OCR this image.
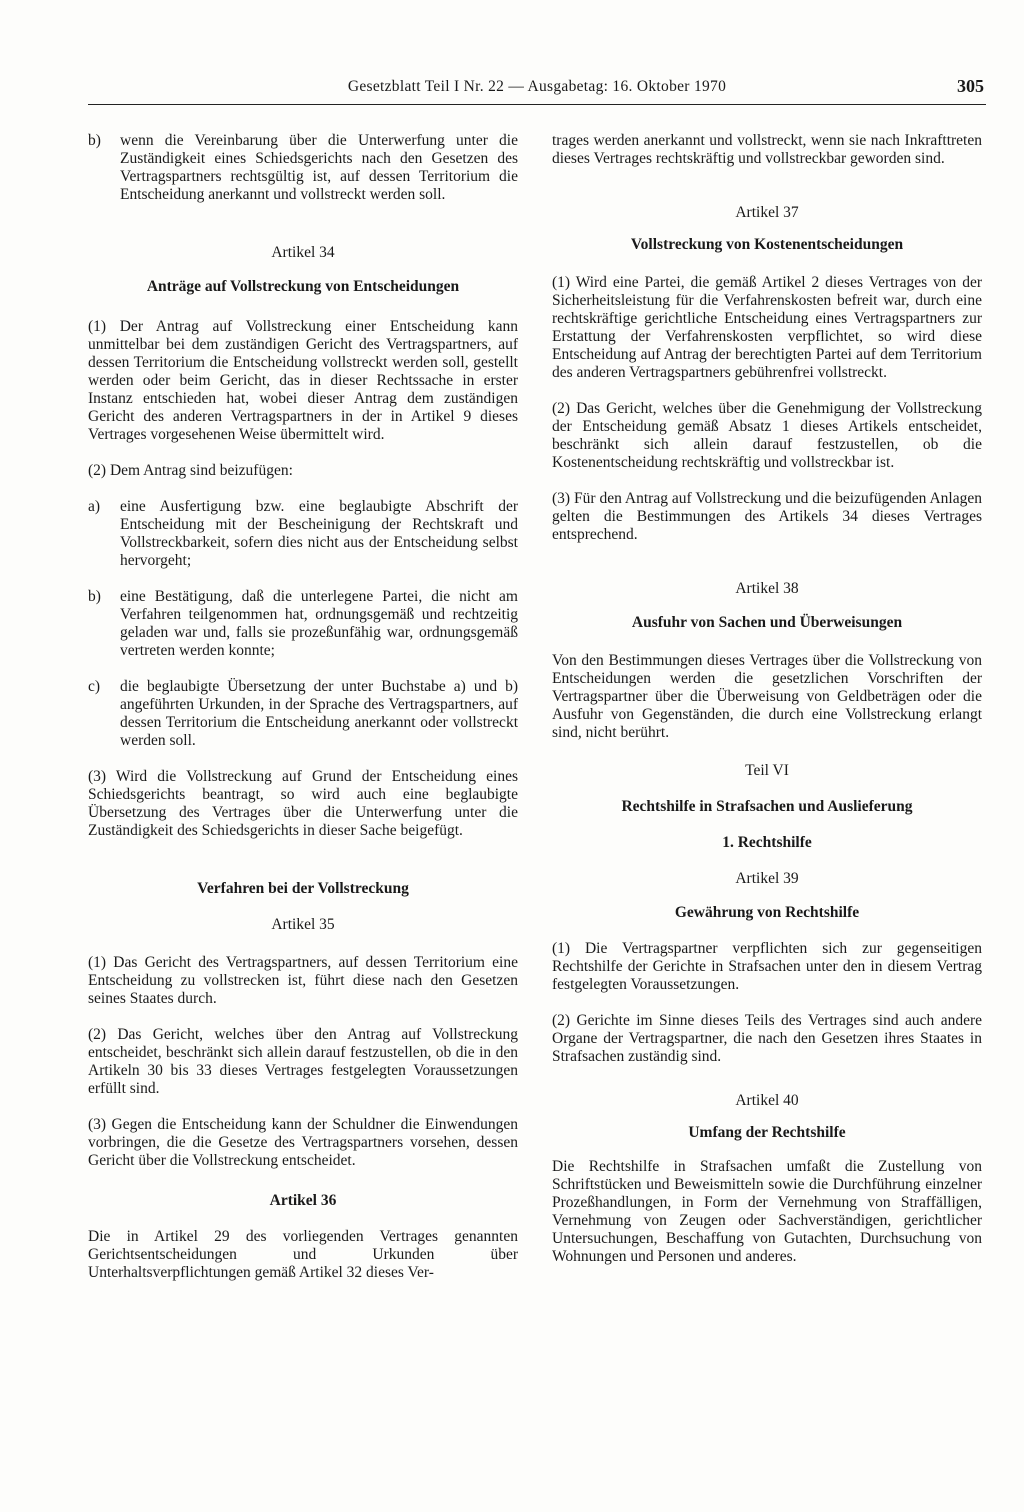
Gesetzblatt Teil I Nr. 22 — Ausgabetag: 16. Oktober 1970	305
b)	wenn die Vereinbarung über die Unterwerfung unter die Zuständigkeit eines Schiedsgerichts nach den Gesetzen des Vertragspartners rechtsgültig ist, auf dessen Territorium die Entscheidung anerkannt und vollstreckt werden soll.
Artikel 34
Anträge auf Vollstreckung von Entscheidungen

(1) Der Antrag auf Vollstreckung einer Entscheidung kann unmittelbar bei dem zuständigen Gericht des Vertragspartners, auf dessen Territorium die Entscheidung vollstreckt werden soll, gestellt werden oder beim Gericht, das in dieser Rechtssache in erster Instanz entschieden hat, wobei dieser Antrag dem zuständigen Gericht des anderen Vertragspartners in der in Artikel 9 dieses Vertrages vorgesehenen Weise übermittelt wird.

(2) Dem Antrag sind beizufügen:

a)	eine Ausfertigung bzw. eine beglaubigte Abschrift der Entscheidung mit der Bescheinigung der Rechtskraft und Vollstreckbarkeit, sofern dies nicht aus der Entscheidung selbst hervorgeht;
b)	eine Bestätigung, daß die unterlegene Partei, die nicht am Verfahren teilgenommen hat, ordnungsgemäß und rechtzeitig geladen war und, falls sie prozeßunfähig war, ordnungsgemäß vertreten werden konnte;
c)	die beglaubigte Übersetzung der unter Buchstabe a) und b) angeführten Urkunden, in der Sprache des Vertragspartners, auf dessen Territorium die Entscheidung anerkannt oder vollstreckt werden soll.

(3) Wird die Vollstreckung auf Grund der Entscheidung eines Schiedsgerichts beantragt, so wird auch eine beglaubigte Übersetzung des Vertrages über die Unterwerfung unter die Zuständigkeit des Schiedsgerichts in dieser Sache beigefügt.

Verfahren bei der Vollstreckung
Artikel 35

(1) Das Gericht des Vertragspartners, auf dessen Territorium eine Entscheidung zu vollstrecken ist, führt diese nach den Gesetzen seines Staates durch.

(2) Das Gericht, welches über den Antrag auf Vollstreckung entscheidet, beschränkt sich allein darauf festzustellen, ob die in den Artikeln 30 bis 33 dieses Vertrages festgelegten Voraussetzungen erfüllt sind.

(3) Gegen die Entscheidung kann der Schuldner die Einwendungen vorbringen, die die Gesetze des Vertragspartners vorsehen, dessen Gericht über die Vollstreckung entscheidet.

Artikel 36

Die in Artikel 29 des vorliegenden Vertrages genannten Gerichtsentscheidungen und Urkunden über Unterhaltsverpflichtungen gemäß Artikel 32 dieses Ver-

trages werden anerkannt und vollstreckt, wenn sie nach Inkrafttreten dieses Vertrages rechtskräftig und vollstreckbar geworden sind.

Artikel 37
Vollstreckung von Kostenentscheidungen

(1) Wird eine Partei, die gemäß Artikel 2 dieses Vertrages von der Sicherheitsleistung für die Verfahrenskosten befreit war, durch eine rechtskräftige gerichtliche Entscheidung eines Vertragspartners zur Erstattung der Verfahrenskosten verpflichtet, so wird diese Entscheidung auf Antrag der berechtigten Partei auf dem Territorium des anderen Vertragspartners gebührenfrei vollstreckt.

(2) Das Gericht, welches über die Genehmigung der Vollstreckung der Entscheidung gemäß Absatz 1 dieses Artikels entscheidet, beschränkt sich allein darauf festzustellen, ob die Kostenentscheidung rechtskräftig und vollstreckbar ist.

(3) Für den Antrag auf Vollstreckung und die beizufügenden Anlagen gelten die Bestimmungen des Artikels 34 dieses Vertrages entsprechend.

Artikel 38
Ausfuhr von Sachen und Überweisungen

Von den Bestimmungen dieses Vertrages über die Vollstreckung von Entscheidungen werden die gesetzlichen Vorschriften der Vertragspartner über die Überweisung von Geldbeträgen oder die Ausfuhr von Gegenständen, die durch eine Vollstreckung erlangt sind, nicht berührt.

Teil VI
Rechtshilfe in Strafsachen und Auslieferung
1. Rechtshilfe
Artikel 39
Gewährung von Rechtshilfe

(1) Die Vertragspartner verpflichten sich zur gegenseitigen Rechtshilfe der Gerichte in Strafsachen unter den in diesem Vertrag festgelegten Voraussetzungen.

(2) Gerichte im Sinne dieses Teils des Vertrages sind auch andere Organe der Vertragspartner, die nach den Gesetzen ihres Staates in Strafsachen zuständig sind.

Artikel 40
Umfang der Rechtshilfe

Die Rechtshilfe in Strafsachen umfaßt die Zustellung von Schriftstücken und Beweismitteln sowie die Durchführung einzelner Prozeßhandlungen, in Form der Vernehmung von Straffälligen, Vernehmung von Zeugen oder Sachverständigen, gerichtlicher Untersuchungen, Beschaffung von Gutachten, Durchsuchung von Wohnungen und Personen und anderes.
